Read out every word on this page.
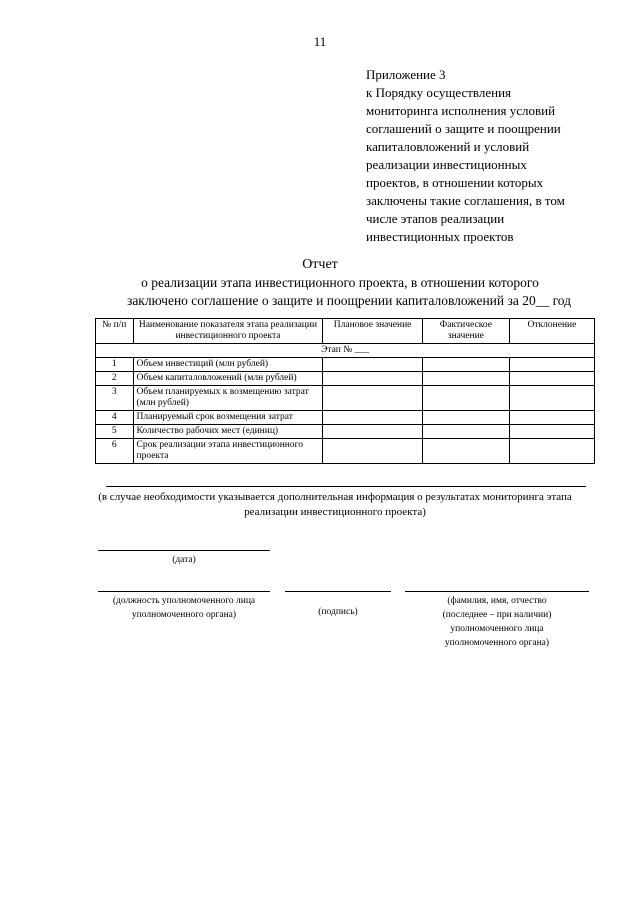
11
Приложение 3
к Порядку осуществления
мониторинга исполнения условий
соглашений о защите и поощрении
капиталовложений и условий
реализации инвестиционных
проектов, в отношении которых
заключены такие соглашения, в том
числе этапов реализации
инвестиционных проектов
Отчет
о реализации этапа инвестиционного проекта, в отношении которого
заключено соглашение о защите и поощрении капиталовложений за 20__ год
№ п/п	Наименование показателя этапа реализации инвестиционного проекта	Плановое значение	Фактическое значение	Отклонение
Этап № ___				
1	Объем инвестиций (млн рублей)			
2	Объем капиталовложений (млн рублей)			
3	Объем планируемых к возмещению затрат (млн рублей)			
4	Планируемый срок возмещения затрат			
5	Количество рабочих мест (единиц)			
6	Срок реализации этапа инвестиционного проекта			
(в случае необходимости указывается дополнительная информация о результатах мониторинга этапа реализации инвестиционного проекта)
(дата)
(должность уполномоченного лица уполномоченного органа)	(подпись)
(фамилия, имя, отчество (последнее – при наличии) уполномоченного лица уполномоченного органа)
